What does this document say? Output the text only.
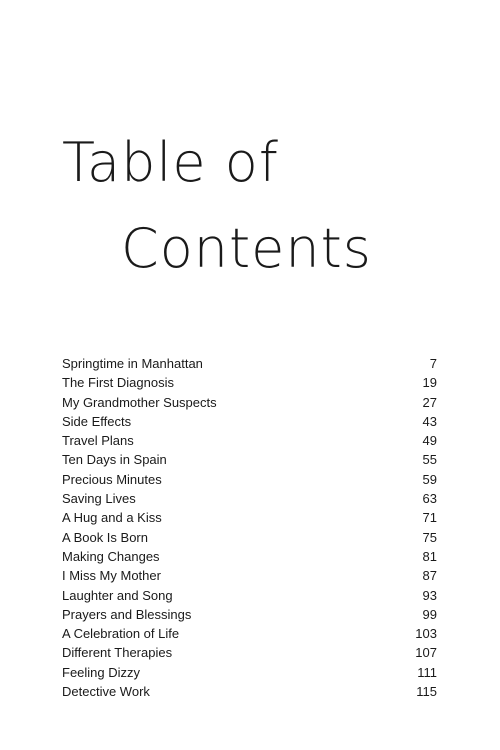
Table of
Contents
Springtime in Manhattan	7
The First Diagnosis	19
My Grandmother Suspects	27
Side Effects	43
Travel Plans	49
Ten Days in Spain	55
Precious Minutes	59
Saving Lives	63
A Hug and a Kiss	71
A Book Is Born	75
Making Changes	81
I Miss My Mother	87
Laughter and Song	93
Prayers and Blessings	99
A Celebration of Life	103
Different Therapies	107
Feeling Dizzy	111
Detective Work	115
